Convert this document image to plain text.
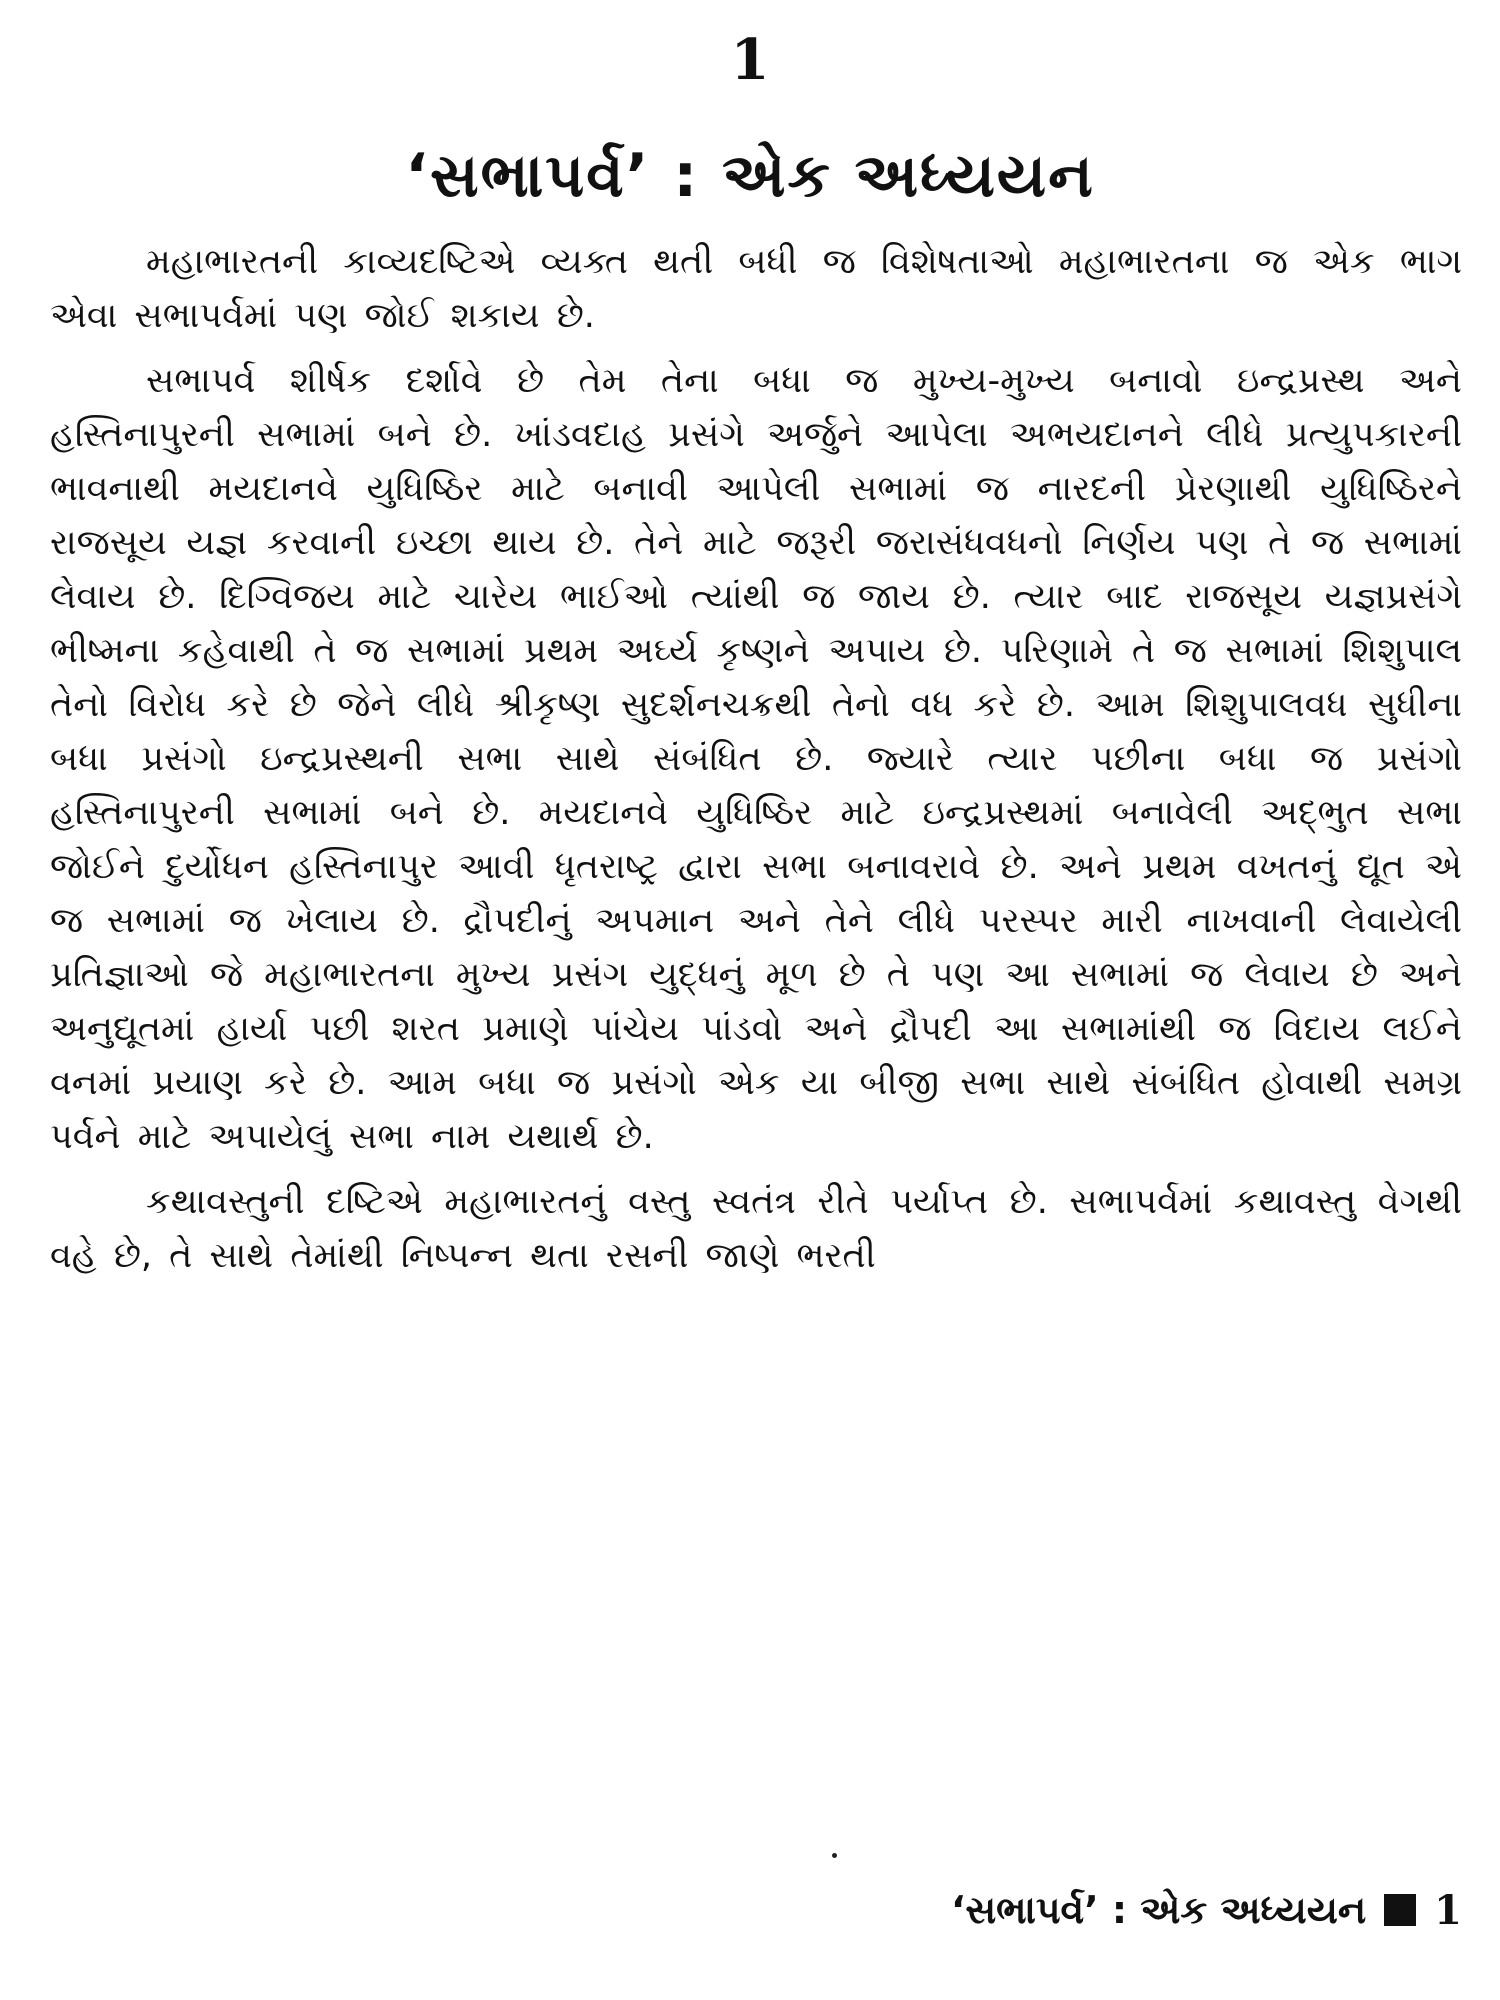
1
‘સભાપર્વ’ : એક અધ્યયન

મહાભારતની કાવ્યદષ્ટિએ વ્યક્ત થતી બધી જ વિશેષતાઓ મહાભારતના જ એક ભાગ એવા સભાપર્વમાં પણ જોઈ શકાય છે.

સભાપર્વ શીર્ષક દર્શાવે છે તેમ તેના બધા જ મુખ્ય-મુખ્ય બનાવો ઇન્દ્રપ્રસ્થ અને હસ્તિનાપુરની સભામાં બને છે. ખાંડવદાહ પ્રસંગે અર્જુને આપેલા અભયદાનને લીધે પ્રત્યુપકારની ભાવનાથી મયદાનવે યુધિષ્ઠિર માટે બનાવી આપેલી સભામાં જ નારદની પ્રેરણાથી યુધિષ્ઠિરને રાજસૂય યજ્ઞ કરવાની ઇચ્છા થાય છે. તેને માટે જરૂરી જરાસંધવધનો નિર્ણય પણ તે જ સભામાં લેવાય છે. દિગ્વિજય માટે ચારેય ભાઈઓ ત્યાંથી જ જાય છે. ત્યાર બાદ રાજસૂય યજ્ઞપ્રસંગે ભીષ્મના કહેવાથી તે જ સભામાં પ્રથમ અર્ઘ્ય કૃષ્ણને અપાય છે. પરિણામે તે જ સભામાં શિશુપાલ તેનો વિરોધ કરે છે જેને લીધે શ્રીકૃષ્ણ સુદર્શનચક્રથી તેનો વધ કરે છે. આમ શિશુપાલવધ સુધીના બધા પ્રસંગો ઇન્દ્રપ્રસ્થની સભા સાથે સંબંધિત છે. જ્યારે ત્યાર પછીના બધા જ પ્રસંગો હસ્તિનાપુરની સભામાં બને છે. મયદાનવે યુધિષ્ઠિર માટે ઇન્દ્રપ્રસ્થમાં બનાવેલી અદ્ભુત સભા જોઈને દુર્યોધન હસ્તિનાપુર આવી ધૃતરાષ્ટ્ર દ્વારા સભા બનાવરાવે છે. અને પ્રથમ વખતનું દ્યૂત એ જ સભામાં જ ખેલાય છે. દ્રૌપદીનું અપમાન અને તેને લીધે પરસ્પર મારી નાખવાની લેવાયેલી પ્રતિજ્ઞાઓ જે મહાભારતના મુખ્ય પ્રસંગ યુદ્ધનું મૂળ છે તે પણ આ સભામાં જ લેવાય છે અને અનુદ્યૂતમાં હાર્યા પછી શરત પ્રમાણે પાંચેય પાંડવો અને દ્રૌપદી આ સભામાંથી જ વિદાય લઈને વનમાં પ્રયાણ કરે છે. આમ બધા જ પ્રસંગો એક યા બીજી સભા સાથે સંબંધિત હોવાથી સમગ્ર પર્વને માટે અપાયેલું સભા નામ યથાર્થ છે.

કથાવસ્તુની દષ્ટિએ મહાભારતનું વસ્તુ સ્વતંત્ર રીતે પર્યાપ્ત છે. સભાપર્વમાં કથાવસ્તુ વેગથી વહે છે, તે સાથે તેમાંથી નિષ્પન્ન થતા રસની જાણે ભરતી

‘સભાપર્વ’ : એક અધ્યયન 1
